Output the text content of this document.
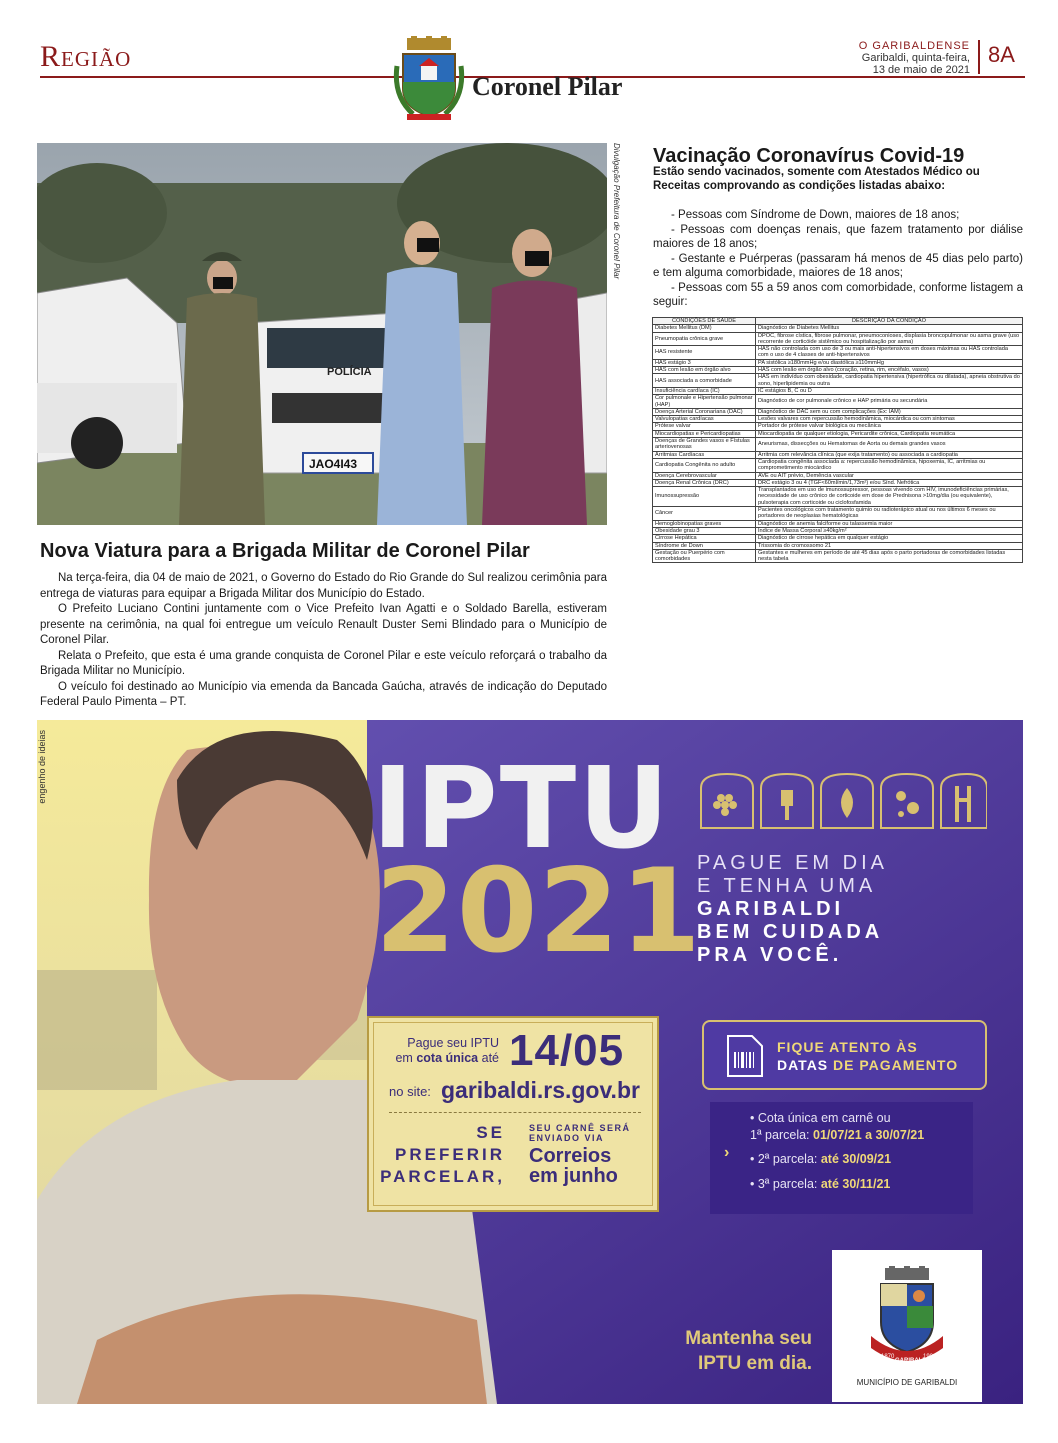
Região
Coronel Pilar
O GARIBALDENSE
Garibaldi, quinta-feira,
13 de maio de 2021
8A
JAO4I43
POLÍCIA
Divulgação Prefeitura de Coronel Pilar
Nova Viatura para a Brigada Militar de Coronel Pilar

Na terça-feira, dia 04 de maio de 2021, o Governo do Estado do Rio Grande do Sul realizou cerimônia para entrega de viaturas para equipar a Brigada Militar dos Município do Estado.

O Prefeito Luciano Contini juntamente com o Vice Prefeito Ivan Agatti e o Soldado Barella, estiveram presente na cerimônia, na qual foi entregue um veículo Renault Duster Semi Blindado para o Município de Coronel Pilar.

Relata o Prefeito, que esta é uma grande conquista de Coronel Pilar e este veículo reforçará o trabalho da Brigada Militar no Município.

O veículo foi destinado ao Município via emenda da Bancada Gaúcha, através de indicação do Deputado Federal Paulo Pimenta – PT.

Vacinação Coronavírus Covid-19
Estão sendo vacinados, somente com Atestados Médico ou Receitas comprovando as condições listadas abaixo:

- Pessoas com Síndrome de Down, maiores de 18 anos;

- Pessoas com doenças renais, que fazem tratamento por diálise maiores de 18 anos;

- Gestante e Puérperas (passaram há menos de 45 dias pelo parto) e tem alguma comorbidade, maiores de 18 anos;

- Pessoas com 55 a 59 anos com comorbidade, conforme listagem a seguir:

CONDIÇÕES DE SAÚDE	DESCRIÇÃO DA CONDIÇÃO
Diabetes Mellitus (DM)	Diagnóstico de Diabetes Mellitus
Pneumopatia crônica grave	DPOC, fibrose cística, fibrose pulmonar, pneumoconioses, displasia broncopulmonar ou asma grave (uso recorrente de corticóide sistêmico ou hospitalização por asma)
HAS resistente	HAS não controlada com uso de 3 ou mais anti-hipertensivos em doses máximas ou HAS controlada com o uso de 4 classes de anti-hipertensivos
HAS estágio 3	PA sistólica ≥180mmHg e/ou diastólica ≥110mmHg
HAS com lesão em órgão alvo	HAS com lesão em órgão alvo (coração, retina, rim, encéfalo, vasos)
HAS associada a comorbidade	HAS em indivíduo com obesidade, cardiopatia hipertensiva (hipertrófica ou dilatada), apneia obstrutiva do sono, hiperlipidemia ou outra
Insuficiência cardíaca (IC)	IC estágios B, C ou D
Cor pulmonale e Hipertensão pulmonar (HAP)	Diagnóstico de cor pulmonale crônico e HAP primária ou secundária
Doença Arterial Coronariana (DAC)	Diagnóstico de DAC sem ou com complicações (Ex: IAM)
Valvulopatias cardíacas	Lesões valvares com repercussão hemodinâmica, miocárdica ou com sintomas
Prótese valvar	Portador de prótese valvar biológica ou mecânica
Miocardiopatias e Pericardiopatias	Miocardiopatia de qualquer etiologia, Pericardite crônica, Cardiopatia reumática
Doenças de Grandes vasos e Fístulas arteriovenosas	Aneurismas, dissecções ou Hematomas de Aorta ou demais grandes vasos
Arritmias Cardíacas	Arritmia com relevância clínica (que exija tratamento) ou associada a cardiopatia
Cardiopatia Congênita no adulto	Cardiopatia congênita associada a: repercussão hemodinâmica, hipoxemia, IC, arritmias ou comprometimento miocárdico
Doença Cerebrovascular	AVE ou AIT prévio, Demência vascular
Doença Renal Crônica (DRC)	DRC estágio 3 ou 4 (TGF<60ml/min/1,73m²) e/ou Sínd. Nefrótica
Imunossupressão	Transplantados em uso de imunossupressor, pessoas vivendo com HIV, imunodeficiências primárias, necessidade de uso crônico de corticoide em dose de Prednisona >10mg/dia (ou equivalente), pulsoterapia com corticoide ou ciclofosfamida
Câncer	Pacientes oncológicos com tratamento quimio ou radioterápico atual ou nos últimos 6 meses ou portadores de neoplasias hematológicas
Hemoglobinopatias graves	Diagnóstico de anemia falciforme ou talassemia maior
Obesidade grau 3	Índice de Massa Corporal ≥40kg/m²
Cirrose Hepática	Diagnóstico de cirrose hepática em qualquer estágio
Síndrome de Down	Trissomia do cromossomo 21
Gestação ou Puerpério com comorbidades	Gestantes e mulheres em período de até 45 dias após o parto portadoras de comorbidades listadas nesta tabela
engenho de ideias	IPTU
2021
PAGUE EM DIA
E TENHA UMA
GARIBALDI
BEM CUIDADA
PRA VOCÊ.
Pague seu IPTU
em cota única até 14/05
no site: garibaldi.rs.gov.br
SE
PREFERIR
PARCELAR,
SEU CARNÊ SERÁ
ENVIADO VIA
Correios
em junho
FIQUE ATENTO ÀS
DATAS DE PAGAMENTO
›
• Cota única em carnê ou
1ª parcela: 01/07/21 a 30/07/21
• 2ª parcela: até 30/09/21
• 3ª parcela: até 30/11/21
Mantenha seu
IPTU em dia.	1870
GARIBALDI
1900
MUNICÍPIO DE GARIBALDI
